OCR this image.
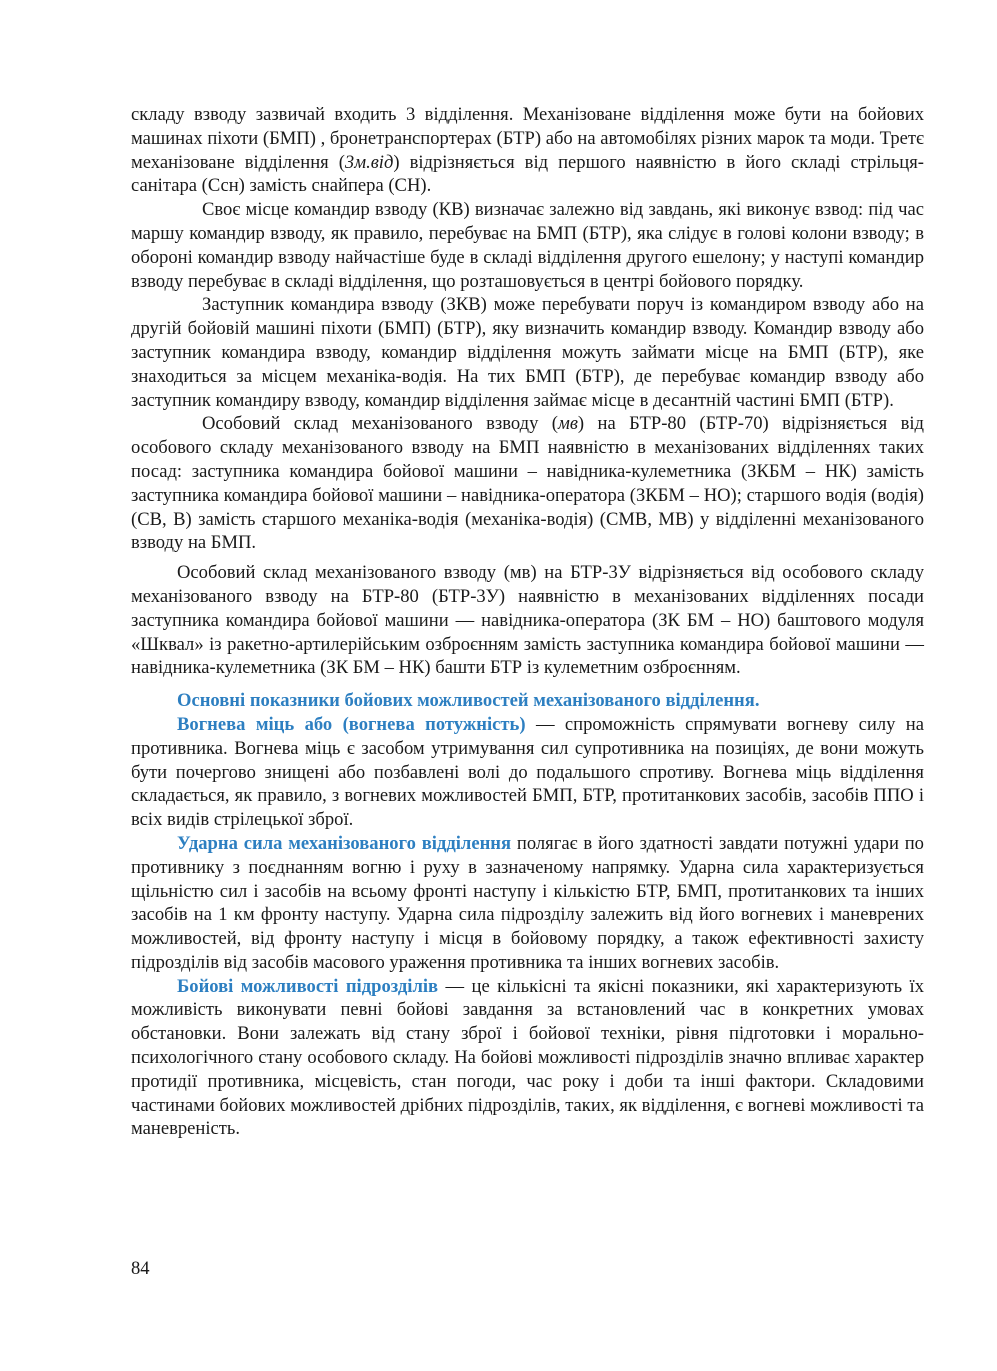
складу взводу зазвичай входить 3 відділення. Механізоване відділення може бути на бойових машинах піхоти (БМП) , бронетранспортерах (БТР) або на автомобілях різних марок та моди. Третє механізоване відділення (3м.від) відрізняється від першого наявністю в його складі стрільця-санітара (Ссн) замість снайпера (СН).

Своє місце командир взводу (КВ) визначає залежно від завдань, які виконує взвод: під час маршу командир взводу, як правило, перебуває на БМП (БТР), яка слідує в голові колони взводу; в обороні командир взводу найчастіше буде в складі відділення другого ешелону; у наступі командир взводу перебуває в складі відділення, що розташовується в центрі бойового порядку.

Заступник командира взводу (ЗКВ) може перебувати поруч із командиром взводу або на другій бойовій машині піхоти (БМП) (БТР), яку визначить командир взводу. Командир взводу або заступник командира взводу, командир відділення можуть займати місце на БМП (БТР), яке знаходиться за місцем механіка-водія. На тих БМП (БТР), де перебуває командир взводу або заступник командиру взводу, командир відділення займає місце в десантній частині БМП (БТР).

Особовий склад механізованого взводу (мв) на БТР-80 (БТР-70) відрізняється від особового складу механізованого взводу на БМП наявністю в механізованих відділеннях таких посад: заступника командира бойової машини – навідника-кулеметника (ЗКБМ – НК) замість заступника командира бойової машини – навідника-оператора (ЗКБМ – НО); старшого водія (водія) (СВ, В) замість старшого механіка-водія (механіка-водія) (СМВ, МВ) у відділенні механізованого взводу на БМП.

Особовий склад механізованого взводу (мв) на БТР-3У відрізняється від особового складу механізованого взводу на БТР-80 (БТР-3У) наявністю в механізованих відділеннях посади заступника командира бойової машини — навідника-оператора (ЗК БМ – НО) баштового модуля «Шквал» із ракетно-артилерійським озброєнням замість заступника командира бойової машини — навідника-кулеметника (ЗК БМ – НК) башти БТР із кулеметним озброєнням.

Основні показники бойових можливостей механізованого відділення.

Вогнева міць або (вогнева потужність) — спроможність спрямувати вогневу силу на противника. Вогнева міць є засобом утримування сил супротивника на позиціях, де вони можуть бути почергово знищені або позбавлені волі до подальшого спротиву. Вогнева міць відділення складається, як правило, з вогневих можливостей БМП, БТР, протитанкових засобів, засобів ППО і всіх видів стрілецької зброї.

Ударна сила механізованого відділення полягає в його здатності завдати потужні удари по противнику з поєднанням вогню і руху в зазначеному напрямку. Ударна сила характеризується щільністю сил і засобів на всьому фронті наступу і кількістю БТР, БМП, протитанкових та інших засобів на 1 км фронту наступу. Ударна сила підрозділу залежить від його вогневих і маневрених можливостей, від фронту наступу і місця в бойовому порядку, а також ефективності захисту підрозділів від засобів масового ураження противника та інших вогневих засобів.

Бойові можливості підрозділів — це кількісні та якісні показники, які характеризують їх можливість виконувати певні бойові завдання за встановлений час в конкретних умовах обстановки. Вони залежать від стану зброї і бойової техніки, рівня підготовки і морально-психологічного стану особового складу. На бойові можливості підрозділів значно впливає характер протидії противника, місцевість, стан погоди, час року і доби та інші фактори. Складовими частинами бойових можливостей дрібних підрозділів, таких, як відділення, є вогневі можливості та маневреність.

84
